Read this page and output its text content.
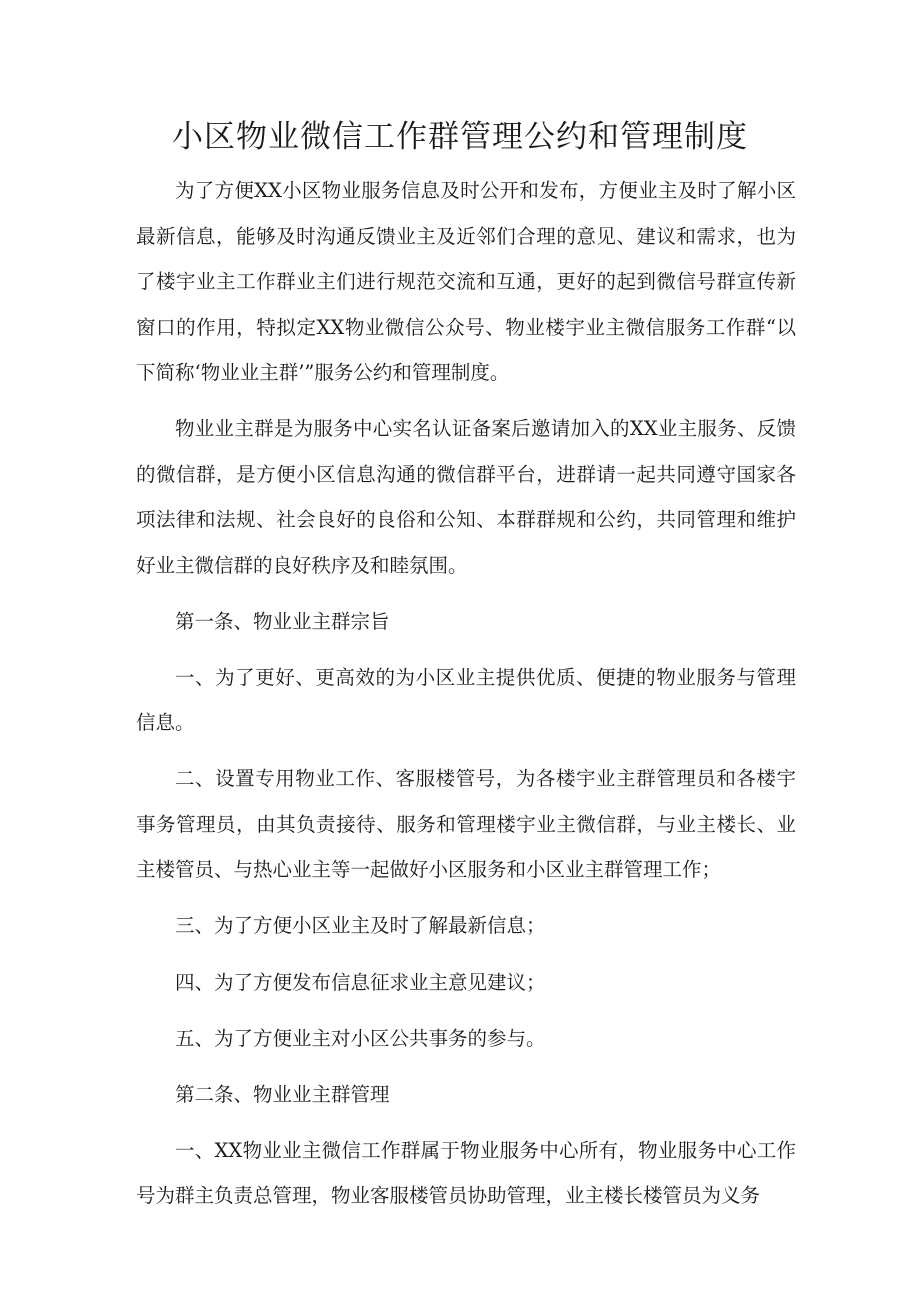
小区物业微信工作群管理公约和管理制度

为了方便XX小区物业服务信息及时公开和发布，方便业主及时了解小区最新信息，能够及时沟通反馈业主及近邻们合理的意见、建议和需求，也为了楼宇业主工作群业主们进行规范交流和互通，更好的起到微信号群宣传新窗口的作用，特拟定XX物业微信公众号、物业楼宇业主微信服务工作群“以下简称‘物业业主群’”服务公约和管理制度。

物业业主群是为服务中心实名认证备案后邀请加入的XX业主服务、反馈的微信群，是方便小区信息沟通的微信群平台，进群请一起共同遵守国家各项法律和法规、社会良好的良俗和公知、本群群规和公约，共同管理和维护好业主微信群的良好秩序及和睦氛围。

第一条、物业业主群宗旨

一、为了更好、更高效的为小区业主提供优质、便捷的物业服务与管理信息。

二、设置专用物业工作、客服楼管号，为各楼宇业主群管理员和各楼宇事务管理员，由其负责接待、服务和管理楼宇业主微信群，与业主楼长、业主楼管员、与热心业主等一起做好小区服务和小区业主群管理工作；

三、为了方便小区业主及时了解最新信息；

四、为了方便发布信息征求业主意见建议；

五、为了方便业主对小区公共事务的参与。

第二条、物业业主群管理

一、XX物业业主微信工作群属于物业服务中心所有，物业服务中心工作号为群主负责总管理，物业客服楼管员协助管理，业主楼长楼管员为义务
